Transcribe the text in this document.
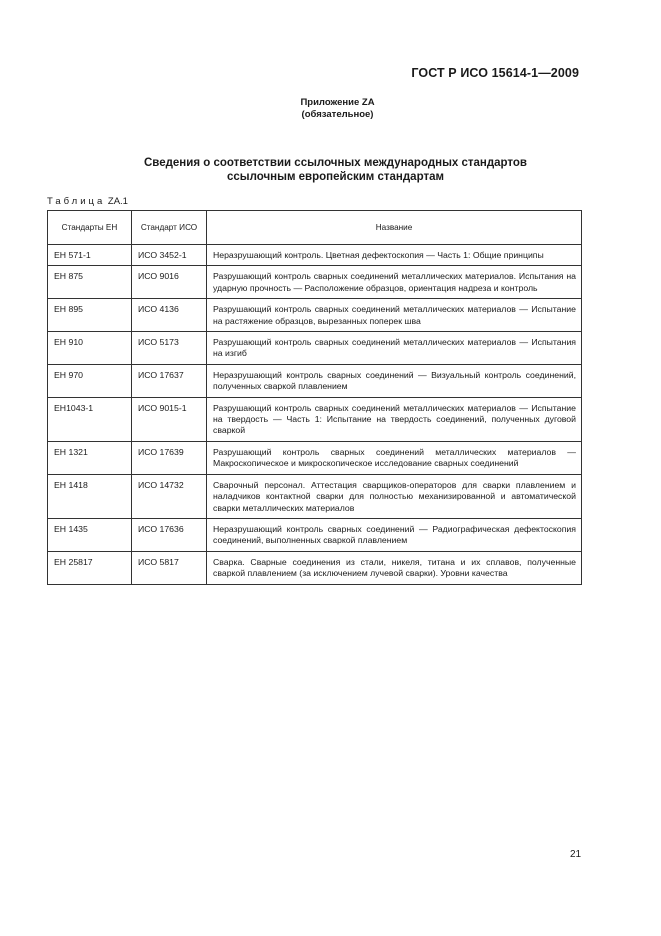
ГОСТ Р ИСО 15614-1—2009
Приложение ZA
(обязательное)
Сведения о соответствии ссылочных международных стандартов
ссылочным европейским стандартам
Таблица ZA.1
Стандарты ЕН	Стандарт ИСО	Название
ЕН 571-1	ИСО 3452-1	Неразрушающий контроль. Цветная дефектоскопия — Часть 1: Общие принципы
ЕН 875	ИСО 9016	Разрушающий контроль сварных соединений металлических материалов. Испытания на ударную прочность — Расположение образцов, ориентация надреза и контроль
ЕН 895	ИСО 4136	Разрушающий контроль сварных соединений металлических материалов — Испытание на растяжение образцов, вырезанных поперек шва
ЕН 910	ИСО 5173	Разрушающий контроль сварных соединений металлических материалов — Испытания на изгиб
ЕН 970	ИСО 17637	Неразрушающий контроль сварных соединений — Визуальный контроль соединений, полученных сваркой плавлением
ЕН1043-1	ИСО 9015-1	Разрушающий контроль сварных соединений металлических материалов — Испытание на твердость — Часть 1: Испытание на твердость соединений, полученных дуговой сваркой
ЕН 1321	ИСО 17639	Разрушающий контроль сварных соединений металлических материалов — Макроскопическое и микроскопическое исследование сварных соединений
ЕН 1418	ИСО 14732	Сварочный персонал. Аттестация сварщиков-операторов для сварки плавлением и наладчиков контактной сварки для полностью механизированной и автоматической сварки металлических материалов
ЕН 1435	ИСО 17636	Неразрушающий контроль сварных соединений — Радиографическая дефектоскопия соединений, выполненных сваркой плавлением
ЕН 25817	ИСО 5817	Сварка. Сварные соединения из стали, никеля, титана и их сплавов, полученные сваркой плавлением (за исключением лучевой сварки). Уровни качества
21
